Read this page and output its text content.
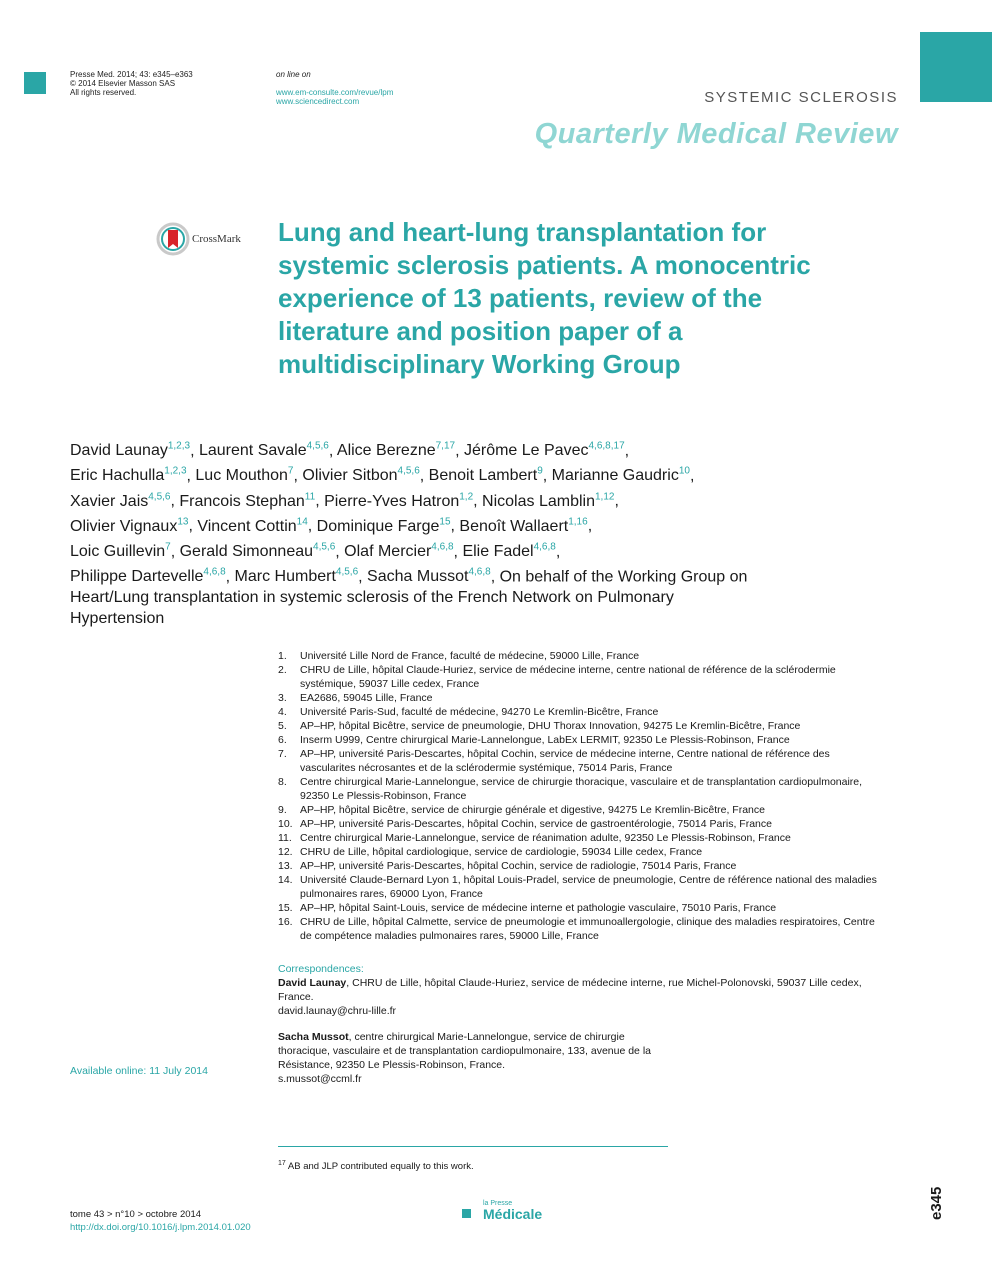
Presse Med. 2014; 43: e345–e363
© 2014 Elsevier Masson SAS
All rights reserved.
on line on
www.em-consulte.com/revue/lpm
www.sciencedirect.com	SYSTEMIC SCLEROSIS
Quarterly Medical Review
CrossMark Lung and heart-lung transplantation for systemic sclerosis patients. A monocentric experience of 13 patients, review of the literature and position paper of a multidisciplinary Working Group
David Launay$^{1,2,3}$, Laurent Savale$^{4,5,6}$, Alice Berezne$^{7,17}$, Jérôme Le Pavec$^{4,6,8,17}$,
Eric Hachulla$^{1,2,3}$, Luc Mouthon$^7$, Olivier Sitbon$^{4,5,6}$, Benoit Lambert$^9$, Marianne Gaudric$^{10}$,
Xavier Jais$^{4,5,6}$, Francois Stephan$^{11}$, Pierre-Yves Hatron$^{1,2}$, Nicolas Lamblin$^{1,12}$,
Olivier Vignaux$^{13}$, Vincent Cottin$^{14}$, Dominique Farge$^{15}$, Benoît Wallaert$^{1,16}$,
Loic Guillevin$^7$, Gerald Simonneau$^{4,5,6}$, Olaf Mercier$^{4,6,8}$, Elie Fadel$^{4,6,8}$,
Philippe Dartevelle$^{4,6,8}$, Marc Humbert$^{4,5,6}$, Sacha Mussot$^{4,6,8}$, On behalf of the Working Group on Heart/Lung transplantation in systemic sclerosis of the French Network on Pulmonary Hypertension
1.	Université Lille Nord de France, faculté de médecine, 59000 Lille, France
2.	CHRU de Lille, hôpital Claude-Huriez, service de médecine interne, centre national de référence de la sclérodermie systémique, 59037 Lille cedex, France
3.	EA2686, 59045 Lille, France
4.	Université Paris-Sud, faculté de médecine, 94270 Le Kremlin-Bicêtre, France
5.	AP–HP, hôpital Bicêtre, service de pneumologie, DHU Thorax Innovation, 94275 Le Kremlin-Bicêtre, France
6.	Inserm U999, Centre chirurgical Marie-Lannelongue, LabEx LERMIT, 92350 Le Plessis-Robinson, France
7.	AP–HP, université Paris-Descartes, hôpital Cochin, service de médecine interne, Centre national de référence des vascularites nécrosantes et de la sclérodermie systémique, 75014 Paris, France
8.	Centre chirurgical Marie-Lannelongue, service de chirurgie thoracique, vasculaire et de transplantation cardiopulmonaire, 92350 Le Plessis-Robinson, France
9.	AP–HP, hôpital Bicêtre, service de chirurgie générale et digestive, 94275 Le Kremlin-Bicêtre, France
10. AP–HP, université Paris-Descartes, hôpital Cochin, service de gastroentérologie, 75014 Paris, France
11. Centre chirurgical Marie-Lannelongue, service de réanimation adulte, 92350 Le Plessis-Robinson, France
12. CHRU de Lille, hôpital cardiologique, service de cardiologie, 59034 Lille cedex, France
13. AP–HP, université Paris-Descartes, hôpital Cochin, service de radiologie, 75014 Paris, France
14. Université Claude-Bernard Lyon 1, hôpital Louis-Pradel, service de pneumologie, Centre de référence national des maladies pulmonaires rares, 69000 Lyon, France
15. AP–HP, hôpital Saint-Louis, service de médecine interne et pathologie vasculaire, 75010 Paris, France
16. CHRU de Lille, hôpital Calmette, service de pneumologie et immunoallergologie, clinique des maladies respiratoires, Centre de compétence maladies pulmonaires rares, 59000 Lille, France
Correspondences:
David Launay, CHRU de Lille, hôpital Claude-Huriez, service de médecine interne, rue Michel-Polonovski, 59037 Lille cedex, France.
david.launay@chru-lille.fr
Sacha Mussot, centre chirurgical Marie-Lannelongue, service de chirurgie thoracique, vasculaire et de transplantation cardiopulmonaire, 133, avenue de la Résistance, 92350 Le Plessis-Robinson, France.
s.mussot@ccml.fr
Available online: 11 July 2014
$^{17}$ AB and JLP contributed equally to this work.
tome 43 > n°10 > octobre 2014
http://dx.doi.org/10.1016/j.lpm.2014.01.020
la Presse
Médicale	e345
